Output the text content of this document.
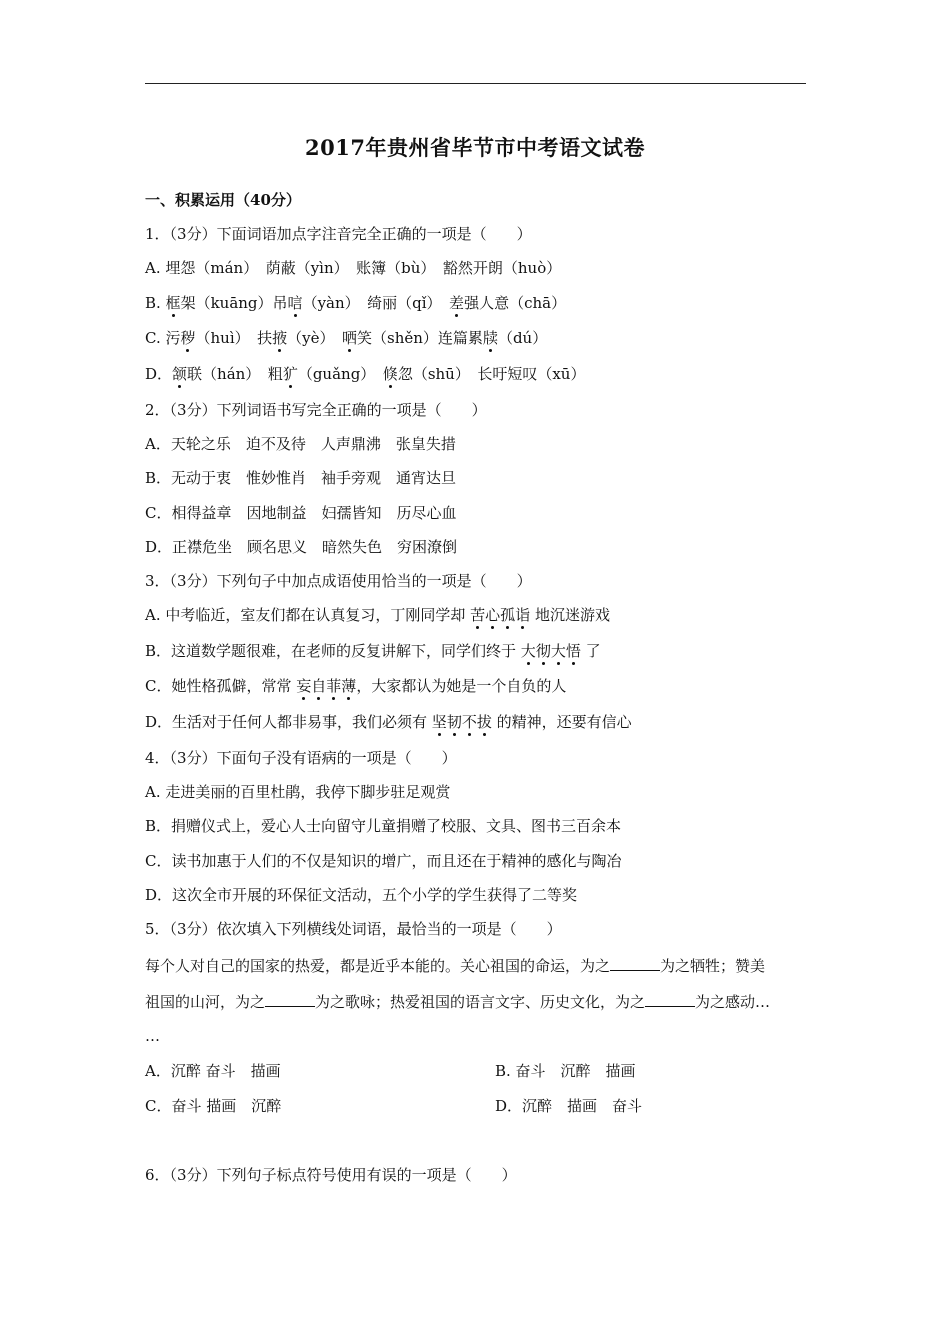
2017年贵州省毕节市中考语文试卷
一、积累运用（40分）
1．（3分）下面词语加点字注音完全正确的一项是（　　）
A. 埋怨（mán）　荫蔽（yìn）　账簿（bù）　豁然开朗（huò）
B. 框架（kuāng）吊唁（yàn）　绮丽（qǐ）　差强人意（chā）
C. 污秽（huì）　扶掖（yè）　哂笑（shěn）连篇累牍（dú）
D．颔联（hán）　粗犷（guǎng）　倏忽（shū）　长吁短叹（xū）
2．（3分）下列词语书写完全正确的一项是（　　）
A．天轮之乐　迫不及待　人声鼎沸　张皇失措
B．无动于衷　惟妙惟肖　袖手旁观　通宵达旦
C．相得益章　因地制益　妇孺皆知　历尽心血
D．正襟危坐　顾名思义　暗然失色　穷困潦倒
3．（3分）下列句子中加点成语使用恰当的一项是（　　）
A. 中考临近，室友们都在认真复习，丁刚同学却 苦心孤诣 地沉迷游戏
B．这道数学题很难，在老师的反复讲解下，同学们终于 大彻大悟 了
C．她性格孤僻，常常 妄自菲薄，大家都认为她是一个自负的人
D．生活对于任何人都非易事，我们必须有 坚韧不拔 的精神，还要有信心
4．（3分）下面句子没有语病的一项是（　　）
A. 走进美丽的百里杜鹃，我停下脚步驻足观赏
B．捐赠仪式上，爱心人士向留守儿童捐赠了校服、文具、图书三百余本
C．读书加惠于人们的不仅是知识的增广，而且还在于精神的感化与陶冶
D．这次全市开展的环保征文活动，五个小学的学生获得了二等奖
5．（3分）依次填入下列横线处词语，最恰当的一项是（　　）
每个人对自己的国家的热爱，都是近乎本能的。关心祖国的命运，为之	为之牺牲；赞美
祖国的山河，为之	为之歌咏；热爱祖国的语言文字、历史文化，为之	为之感动…
…
A．沉醉 奋斗　描画	B. 奋斗　沉醉　描画
C．奋斗 描画　沉醉	D．沉醉　描画　奋斗
6．（3分）下列句子标点符号使用有误的一项是（　　）
